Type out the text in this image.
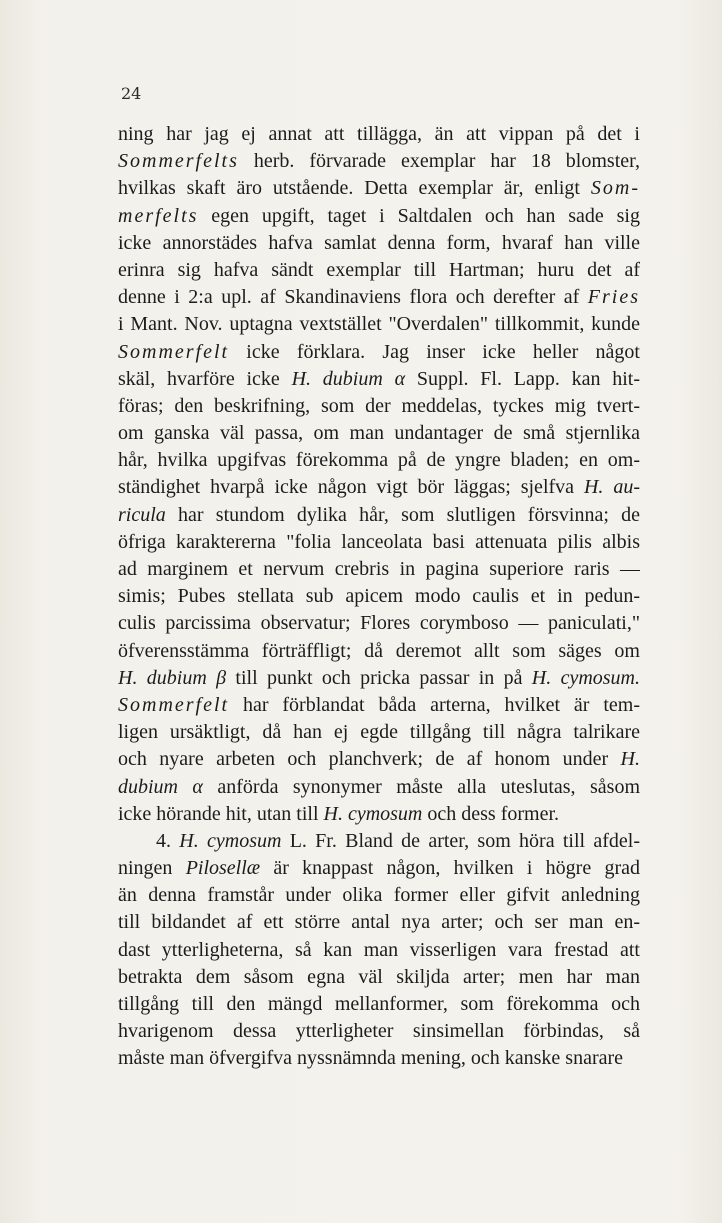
24
ning har jag ej annat att tillägga, än att vippan på det i
Sommerfelts herb. förvarade exemplar har 18 blomster,
hvilkas skaft äro utstående. Detta exemplar är, enligt Som-
merfelts egen upgift, taget i Saltdalen och han sade sig
icke annorstädes hafva samlat denna form, hvaraf han ville
erinra sig hafva sändt exemplar till Hartman; huru det af
denne i 2:a upl. af Skandinaviens flora och derefter af Fries
i Mant. Nov. uptagna vextstället "Overdalen" tillkommit, kunde
Sommerfelt icke förklara. Jag inser icke heller något
skäl, hvarföre icke H. dubium α Suppl. Fl. Lapp. kan hit-
föras; den beskrifning, som der meddelas, tyckes mig tvert-
om ganska väl passa, om man undantager de små stjernlika
hår, hvilka upgifvas förekomma på de yngre bladen; en om-
ständighet hvarpå icke någon vigt bör läggas; sjelfva H. au-
ricula har stundom dylika hår, som slutligen försvinna; de
öfriga karaktererna "folia lanceolata basi attenuata pilis albis
ad marginem et nervum crebris in pagina superiore raris —
simis; Pubes stellata sub apicem modo caulis et in pedun-
culis parcissima observatur; Flores corymboso — paniculati,"
öfverensstämma förträffligt; då deremot allt som säges om
H. dubium β till punkt och pricka passar in på H. cymosum.
Sommerfelt har förblandat båda arterna, hvilket är tem-
ligen ursäktligt, då han ej egde tillgång till några talrikare
och nyare arbeten och planchverk; de af honom under H.
dubium α anförda synonymer måste alla uteslutas, såsom
icke hörande hit, utan till H. cymosum och dess former.
4. H. cymosum L. Fr. Bland de arter, som höra till afdel-
ningen Pilosellæ är knappast någon, hvilken i högre grad
än denna framstår under olika former eller gifvit anledning
till bildandet af ett större antal nya arter; och ser man en-
dast ytterligheterna, så kan man visserligen vara frestad att
betrakta dem såsom egna väl skiljda arter; men har man
tillgång till den mängd mellanformer, som förekomma och
hvarigenom dessa ytterligheter sinsimellan förbindas, så
måste man öfvergifva nyssnämnda mening, och kanske snarare
